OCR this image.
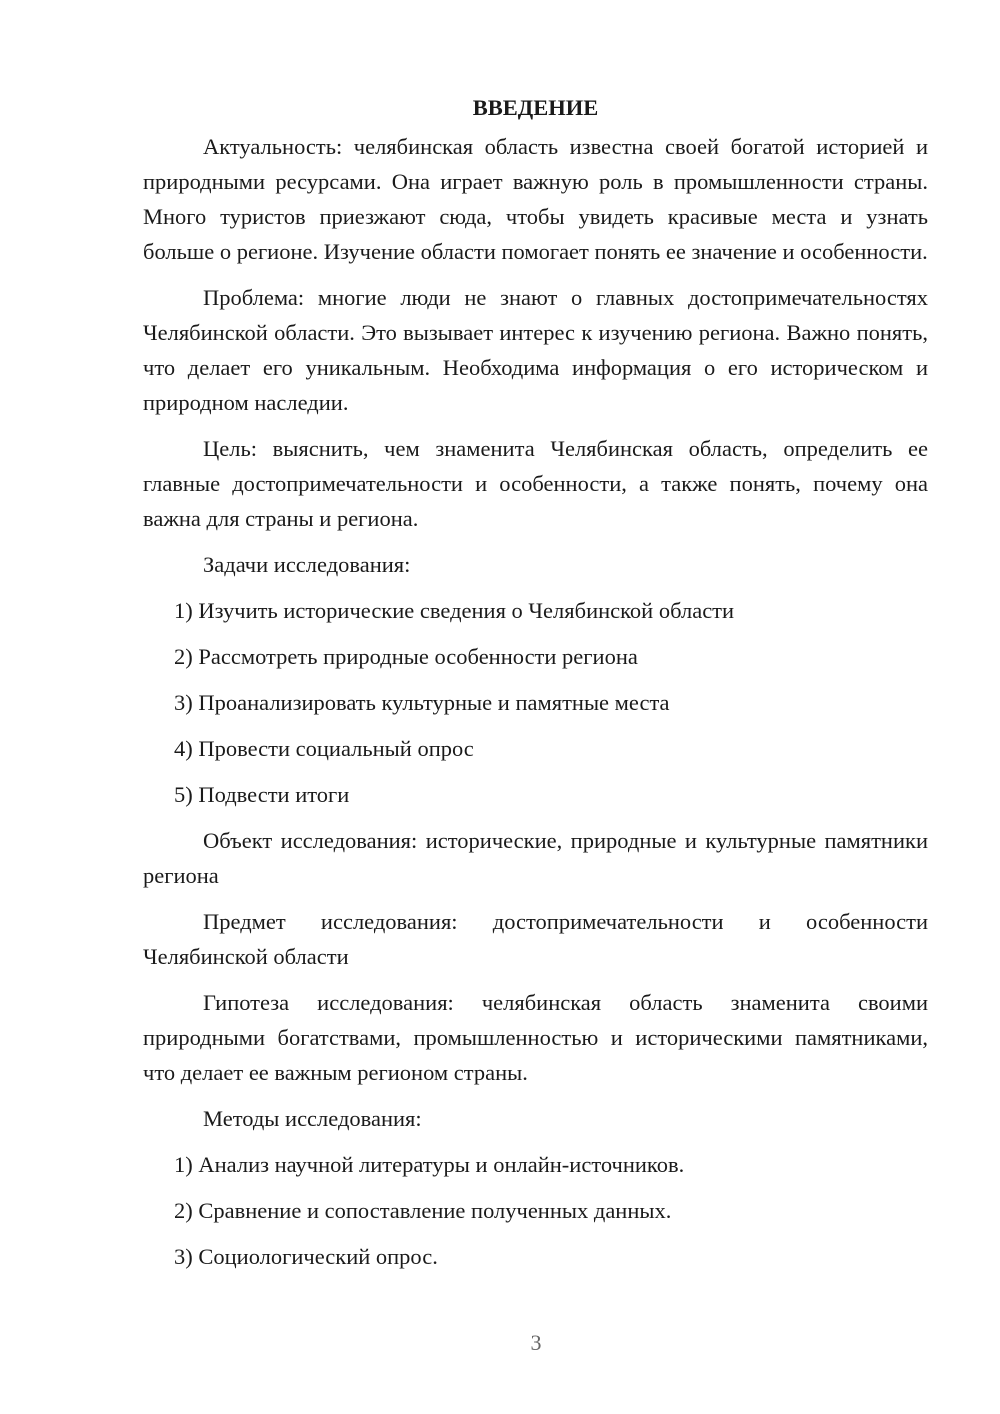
ВВЕДЕНИЕ

Актуальность: челябинская область известна своей богатой историей и природными ресурсами. Она играет важную роль в промышленности страны. Много туристов приезжают сюда, чтобы увидеть красивые места и узнать больше о регионе. Изучение области помогает понять ее значение и особенности.

Проблема: многие люди не знают о главных достопримечательностях Челябинской области. Это вызывает интерес к изучению региона. Важно понять, что делает его уникальным. Необходима информация о его историческом и природном наследии.

Цель: выяснить, чем знаменита Челябинская область, определить ее главные достопримечательности и особенности, а также понять, почему она важна для страны и региона.

Задачи исследования:
1) Изучить исторические сведения о Челябинской области
2) Рассмотреть природные особенности региона
3) Проанализировать культурные и памятные места
4) Провести социальный опрос
5) Подвести итоги

Объект исследования: исторические, природные и культурные памятники региона

Предмет исследования: достопримечательности и особенности Челябинской области

Гипотеза исследования: челябинская область знаменита своими природными богатствами, промышленностью и историческими памятниками, что делает ее важным регионом страны.

Методы исследования:
1) Анализ научной литературы и онлайн-источников.
2) Сравнение и сопоставление полученных данных.
3) Социологический опрос.
3
